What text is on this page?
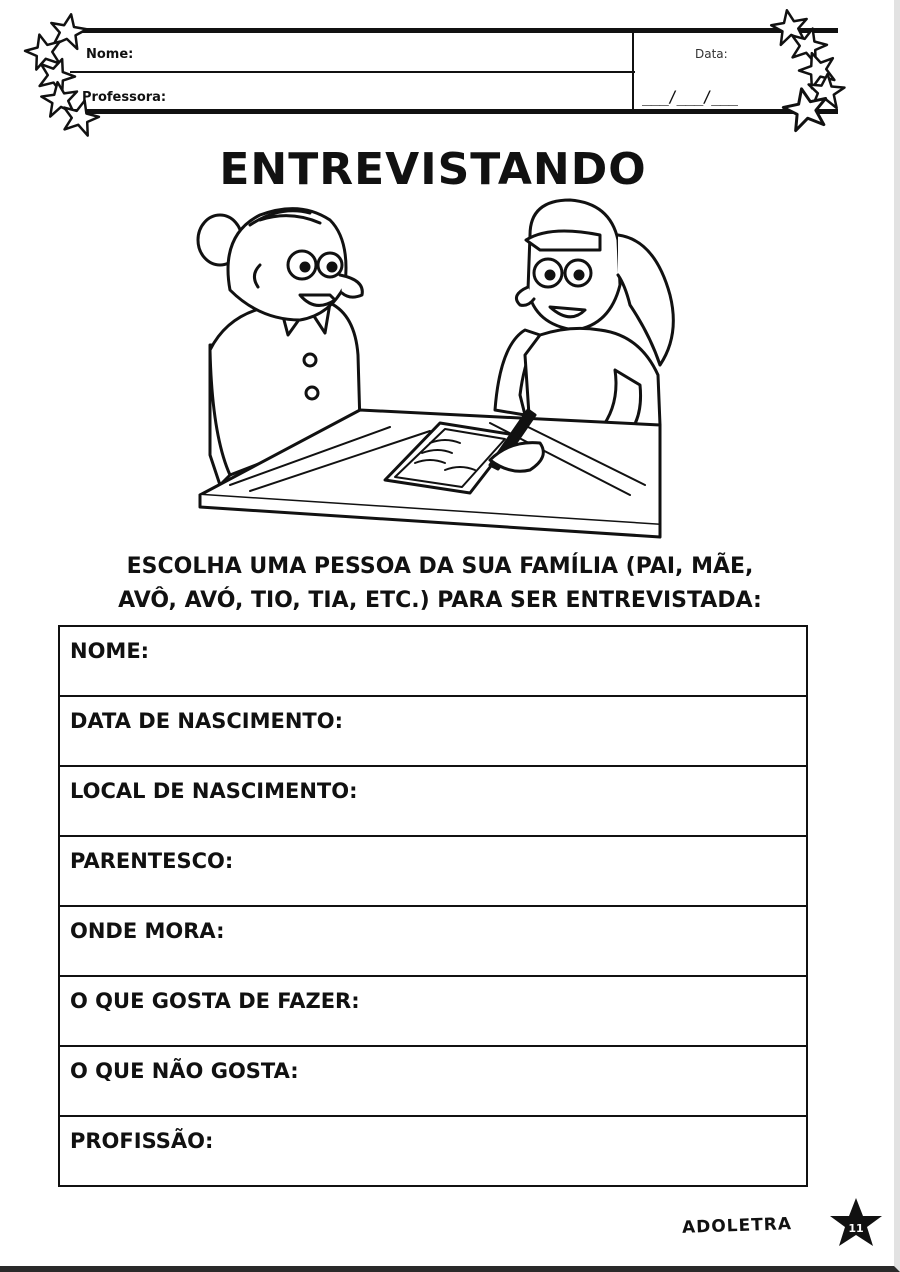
Nome:
Professora:
Data:
___/___/___
ENTREVISTANDO
ESCOLHA UMA PESSOA DA SUA FAMÍLIA (PAI, MÃE,
AVÔ, AVÓ, TIO, TIA, ETC.) PARA SER ENTREVISTADA:
NOME:
DATA DE NASCIMENTO:
LOCAL DE NASCIMENTO:
PARENTESCO:
ONDE MORA:
O QUE GOSTA DE FAZER:
O QUE NÃO GOSTA:
PROFISSÃO:
ADOLETRA	11
